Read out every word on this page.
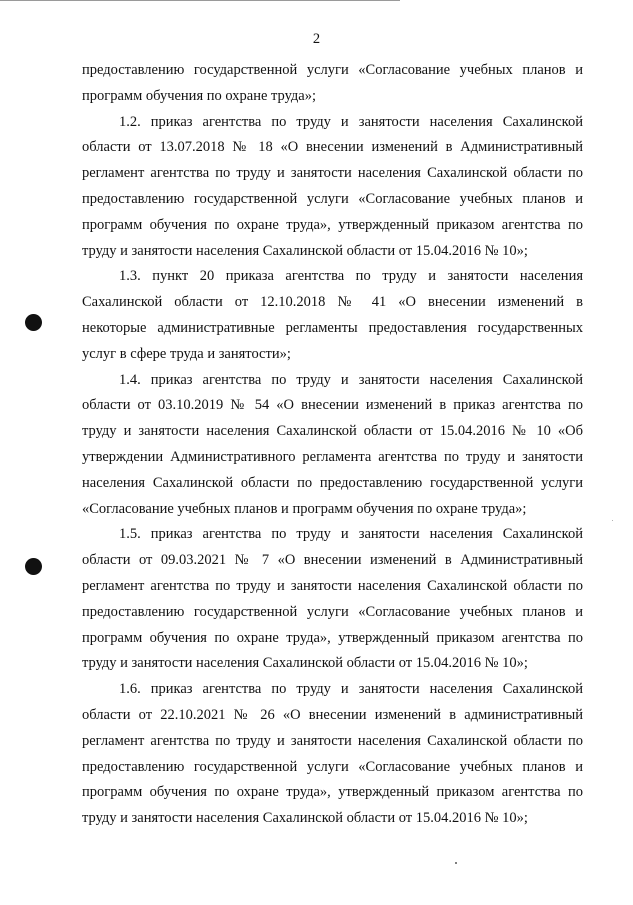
2
предоставлению государственной услуги «Согласование учебных планов и
программ обучения по охране труда»;
1.2. приказ агентства по труду и занятости населения Сахалинской
области от 13.07.2018 № 18 «О внесении изменений в Административный
регламент агентства по труду и занятости населения Сахалинской области по
предоставлению государственной услуги «Согласование учебных планов и
программ обучения по охране труда», утвержденный приказом агентства по
труду и занятости населения Сахалинской области от 15.04.2016 № 10»;
1.3. пункт 20 приказа агентства по труду и занятости населения
Сахалинской области от 12.10.2018 № 41 «О внесении изменений в
некоторые административные регламенты предоставления государственных
услуг в сфере труда и занятости»;
1.4. приказ агентства по труду и занятости населения Сахалинской
области от 03.10.2019 № 54 «О внесении изменений в приказ агентства по
труду и занятости населения Сахалинской области от 15.04.2016 № 10 «Об
утверждении Административного регламента агентства по труду и занятости
населения Сахалинской области по предоставлению государственной услуги
«Согласование учебных планов и программ обучения по охране труда»;
1.5. приказ агентства по труду и занятости населения Сахалинской
области от 09.03.2021 № 7 «О внесении изменений в Административный
регламент агентства по труду и занятости населения Сахалинской области по
предоставлению государственной услуги «Согласование учебных планов и
программ обучения по охране труда», утвержденный приказом агентства по
труду и занятости населения Сахалинской области от 15.04.2016 № 10»;
1.6. приказ агентства по труду и занятости населения Сахалинской
области от 22.10.2021 № 26 «О внесении изменений в административный
регламент агентства по труду и занятости населения Сахалинской области по
предоставлению государственной услуги «Согласование учебных планов и
программ обучения по охране труда», утвержденный приказом агентства по
труду и занятости населения Сахалинской области от 15.04.2016 № 10»;
